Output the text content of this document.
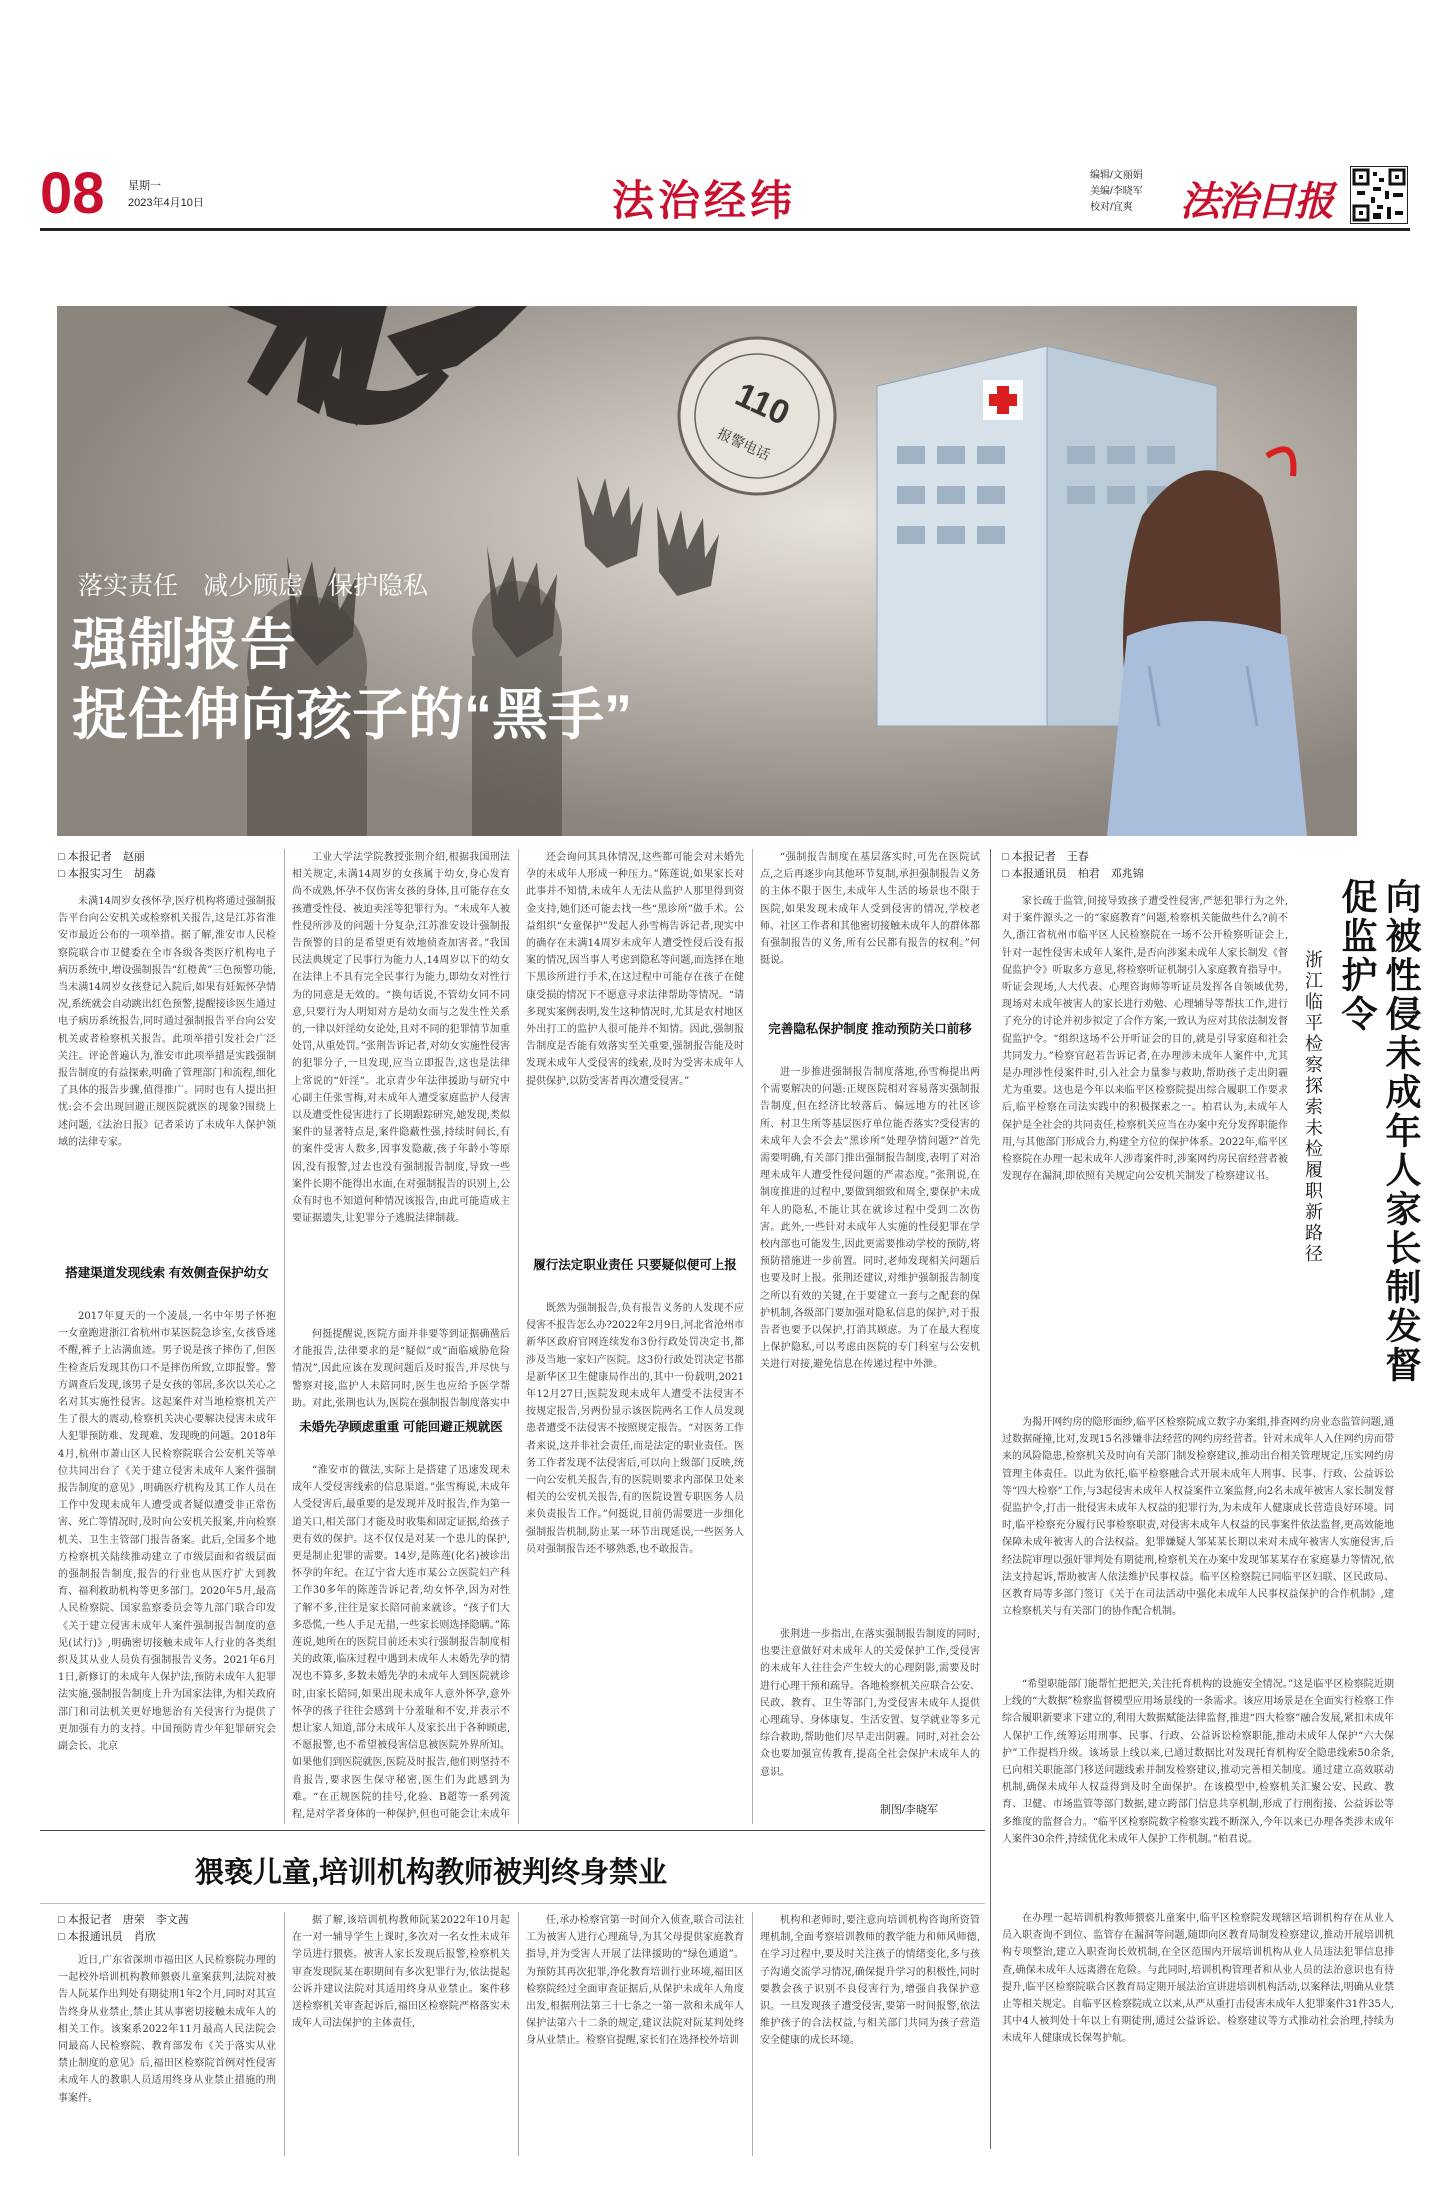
08	星期一
2023年4月10日	法治经纬
编辑/文丽娟
美编/李晓军
校对/宜爽 法治日报
110
报警电话
落实责任　减少顾虑　保护隐私
强制报告
捉住伸向孩子的“黑手”
□ 本报记者　赵丽
□ 本报实习生　胡淼

未满14周岁女孩怀孕,医疗机构将通过强制报告平台向公安机关或检察机关报告,这是江苏省淮安市最近公布的一项举措。据了解,淮安市人民检察院联合市卫健委在全市各级各类医疗机构电子病历系统中,增设强制报告“红橙黄”三色预警功能,当未满14周岁女孩登记入院后,如果有妊娠怀孕情况,系统就会自动跳出红色预警,提醒接诊医生通过电子病历系统报告,同时通过强制报告平台向公安机关或者检察机关报告。此项举措引发社会广泛关注。评论普遍认为,淮安市此项举措是实践强制报告制度的有益探索,明确了管理部门和流程,细化了具体的报告步骤,值得推广。同时也有人提出担忧:会不会出现回避正规医院就医的现象?围绕上述问题,《法治日报》记者采访了未成年人保护领域的法律专家。

搭建渠道发现线索 有效侧查保护幼女

2017年夏天的一个凌晨,一名中年男子怀抱一女童跑进浙江省杭州市某医院急诊室,女孩昏迷不醒,裤子上沾满血迹。男子说是孩子摔伤了,但医生检查后发现其伤口不是摔伤所致,立即报警。警方调查后发现,该男子是女孩的邻居,多次以关心之名对其实施性侵害。这起案件对当地检察机关产生了很大的震动,检察机关决心要解决侵害未成年人犯罪预防难、发现难、发现晚的问题。2018年4月,杭州市萧山区人民检察院联合公安机关等单位共同出台了《关于建立侵害未成年人案件强制报告制度的意见》,明确医疗机构及其工作人员在工作中发现未成年人遭受或者疑似遭受非正常伤害、死亡等情况时,及时向公安机关报案,并向检察机关、卫生主管部门报告备案。此后,全国多个地方检察机关陆续推动建立了市级层面和省级层面的强制报告制度,报告的行业也从医疗扩大到教育、福利救助机构等更多部门。2020年5月,最高人民检察院、国家监察委员会等九部门联合印发《关于建立侵害未成年人案件强制报告制度的意见(试行)》,明确密切接触未成年人行业的各类组织及其从业人员负有强制报告义务。2021年6月1日,新修订的未成年人保护法,预防未成年人犯罪法实施,强制报告制度上升为国家法律,为相关政府部门和司法机关更好地惩治有关侵害行为提供了更加强有力的支持。中国预防青少年犯罪研究会副会长、北京

工业大学法学院教授张荆介绍,根据我国刑法相关规定,未满14周岁的女孩属于幼女,身心发育尚不成熟,怀孕不仅伤害女孩的身体,且可能存在女孩遭受性侵、被迫卖淫等犯罪行为。“未成年人被性侵所涉及的问题十分复杂,江苏淮安设计强制报告预警的目的是希望更有效地侦查加害者。”我国民法典规定了民事行为能力人,14周岁以下的幼女在法律上不具有完全民事行为能力,即幼女对性行为的同意是无效的。“换句话说,不管幼女同不同意,只要行为人明知对方是幼女而与之发生性关系的,一律以奸淫幼女论处,且对不同的犯罪情节加重处罚,从重处罚。”张荆告诉记者,对幼女实施性侵害的犯罪分子,一旦发现,应当立即报告,这也是法律上常说的“奸淫”。北京青少年法律援助与研究中心副主任张雪梅,对未成年人遭受家庭监护人侵害以及遭受性侵害进行了长期跟踪研究,她发现,类似案件的显著特点是,案件隐蔽性强,持续时间长,有的案件受害人数多,因事发隐蔽,孩子年龄小等原因,没有报警,过去也没有强制报告制度,导致一些案件长期不能得出水面,在对强制报告的识别上,公众有时也不知道何种情况该报告,由此可能造成主要证据遗失,让犯罪分子逃脱法律制裁。

未婚先孕顾虑重重 可能回避正规就医

何挺提醒说,医院方面并非要等到证据确凿后才能报告,法律要求的是“疑似”或“面临威胁危险情况”,因此应该在发现问题后及时报告,并尽快与警察对接,监护人未陪同时,医生也应给予医学帮助。对此,张荆也认为,医院在强制报告制度落实中

“淮安市的做法,实际上是搭建了迅速发现未成年人受侵害线索的信息渠道。”张雪梅说,未成年人受侵害后,最重要的是发现并及时报告,作为第一道关口,相关部门才能及时收集和固定证据,给孩子更有效的保护。这不仅仅是对某一个患儿的保护,更是制止犯罪的需要。14岁,是陈莲(化名)被诊出怀孕的年纪。在辽宁省大连市某公立医院妇产科工作30多年的陈莲告诉记者,幼女怀孕,因为对性了解不多,往往是家长陪同前来就诊。“孩子们大多恐慌,一些人手足无措,一些家长则选择隐瞒。”陈莲说,她所在的医院目前还未实行强制报告制度相关的政策,临床过程中遇到未成年人未婚先孕的情况也不算多,多数未婚先孕的未成年人到医院就诊时,由家长陪同,如果出现未成年人意外怀孕,意外怀孕的孩子往往会感到十分羞耻和不安,并表示不想让家人知道,部分未成年人及家长出于各种顾虑,不愿报警,也不希望被侵害信息被医院外界所知。如果他们到医院就医,医院及时报告,他们则坚持不肯报告,要求医生保守秘密,医生们为此感到为难。“在正规医院的挂号,化验、B超等一系列流程,是对学者身体的一种保护,但也可能会让未成年

还会询问其具体情况,这些都可能会对未婚先孕的未成年人形成一种压力。”陈莲说,如果家长对此事并不知情,未成年人无法从监护人那里得到资金支持,她们还可能去找一些“黑诊所”做手术。公益组织“女童保护”发起人孙雪梅告诉记者,现实中的确存在未满14周岁未成年人遭受性侵后没有报案的情况,因当事人考虑到隐私等问题,而选择在地下黑诊所进行手术,在这过程中可能存在孩子在健康受损的情况下不愿意寻求法律帮助等情况。“请多现实案例表明,发生这种情况时,尤其是农村地区外出打工的监护人很可能并不知情。因此,强制报告制度是否能有效落实至关重要,强制报告能及时发现未成年人受侵害的线索,及时为受害未成年人提供保护,以防受害者再次遭受侵害。”

履行法定职业责任 只要疑似便可上报

既然为强制报告,负有报告义务的人发现不应侵害不报告怎么办?2022年2月9日,河北省沧州市新华区政府官网连续发布3份行政处罚决定书,都涉及当地一家妇产医院。这3份行政处罚决定书都是新华区卫生健康局作出的,其中一份载明,2021年12月27日,医院发现未成年人遭受不法侵害不按规定报告,另两份显示该医院两名工作人员发现患者遭受不法侵害不按照规定报告。“对医务工作者来说,这并非社会责任,而是法定的职业责任。医务工作者发现不法侵害后,可以向上级部门反映,统一向公安机关报告,有的医院则要求内部保卫处来相关的公安机关报告,有的医院设置专职医务人员来负责报告工作。”何挺说,目前仍需要进一步细化强制报告机制,防止某一环节出现延误,一些医务人员对强制报告还不够熟悉,也不敢报告。

“强制报告制度在基层落实时,可先在医院试点,之后再逐步向其他环节复制,承担强制报告义务的主体不限于医生,未成年人生活的场景也不限于医院,如果发现未成年人受到侵害的情况,学校老师、社区工作者和其他密切接触未成年人的群体都有强制报告的义务,所有公民都有报告的权利。”何挺说。

完善隐私保护制度 推动预防关口前移

进一步推进强制报告制度落地,孙雪梅提出两个需要解决的问题:正规医院相对容易落实强制报告制度,但在经济比较落后、偏远地方的社区诊所、村卫生所等基层医疗单位能否落实?受侵害的未成年人会不会去“黑诊所”处理孕情问题?“首先需要明确,有关部门推出强制报告制度,表明了对治理未成年人遭受性侵问题的严肃态度。”张荆说,在制度推进的过程中,要做到细致和周全,要保护未成年人的隐私,不能让其在就诊过程中受到二次伤害。此外,一些针对未成年人实施的性侵犯罪在学校内部也可能发生,因此更需要推动学校的预防,将预防措施进一步前置。同时,老师发现相关问题后也要及时上报。张荆还建议,对维护强制报告制度之所以有效的关键,在于要建立一套与之配套的保护机制,各级部门要加强对隐私信息的保护,对于报告者也要予以保护,打消其顾虑。为了在最大程度上保护隐私,可以考虑由医院的专门科室与公安机关进行对接,避免信息在传递过程中外泄。

张荆进一步指出,在落实强制报告制度的同时,也要注意做好对未成年人的关爱保护工作,受侵害的未成年人往往会产生较大的心理阴影,需要及时进行心理干预和疏导。各地检察机关应联合公安、民政、教育、卫生等部门,为受侵害未成年人提供心理疏导、身体康复、生活安置、复学就业等多元综合救助,帮助他们尽早走出阴霾。同时,对社会公众也要加强宣传教育,提高全社会保护未成年人的意识。

制图/李晓军
□ 本报记者　王春
□ 本报通讯员　柏君　邓兆锦
向被性侵未成年人家长制发督促监护令
浙江临平检察探索未检履职新路径

家长疏于监管,间接导致孩子遭受性侵害,严惩犯罪行为之外,对于案件源头之一的“家庭教育”问题,检察机关能做些什么?前不久,浙江省杭州市临平区人民检察院在一场不公开检察听证会上,针对一起性侵害未成年人案件,是否向涉案未成年人家长制发《督促监护令》听取多方意见,将检察听证机制引入家庭教育指导中。听证会现场,人大代表、心理咨询师等听证员发挥各自领域优势,现场对未成年被害人的家长进行劝勉、心理辅导等帮扶工作,进行了充分的讨论并初步拟定了合作方案,一致认为应对其依法制发督促监护令。“组织这场不公开听证会的目的,就是引导家庭和社会共同发力。”检察官赵若告诉记者,在办理涉未成年人案件中,尤其是办理涉性侵案件时,引入社会力量参与救助,帮助孩子走出阴霾尤为重要。这也是今年以来临平区检察院提出综合履职工作要求后,临平检察在司法实践中的积极探索之一。柏君认为,未成年人保护是全社会的共同责任,检察机关应当在办案中充分发挥职能作用,与其他部门形成合力,构建全方位的保护体系。2022年,临平区检察院在办理一起未成年人涉毒案件时,涉案网约房民宿经营者被发现存在漏洞,即依照有关规定向公安机关制发了检察建议书。

为揭开网约房的隐形面纱,临平区检察院成立数字办案组,排查网约房业态监管问题,通过数据碰撞,比对,发现15名涉嫌非法经营的网约房经营者。针对未成年人入住网约房而带来的风险隐患,检察机关及时向有关部门制发检察建议,推动出台相关管理规定,压实网约房管理主体责任。以此为依托,临平检察融合式开展未成年人刑事、民事、行政、公益诉讼等“四大检察”工作,与3起侵害未成年人权益案件立案监督,向2名未成年被害人家长制发督促监护令,打击一批侵害未成年人权益的犯罪行为,为未成年人健康成长营造良好环境。同时,临平检察充分履行民事检察职责,对侵害未成年人权益的民事案件依法监督,更高效能地保障未成年被害人的合法权益。犯罪嫌疑人邹某某长期以来对未成年被害人实施侵害,后经法院审理以强奸罪判处有期徒刑,检察机关在办案中发现邹某某存在家庭暴力等情况,依法支持起诉,帮助被害人依法维护民事权益。临平区检察院已同临平区妇联、区民政局、区教育局等多部门签订《关于在司法活动中强化未成年人民事权益保护的合作机制》,建立检察机关与有关部门的协作配合机制。

“希望职能部门能帮忙把把关,关注托育机构的设施安全情况。”这是临平区检察院近期上线的“大数据”检察监督模型应用场景线的一条需求。该应用场景是在全面实行检察工作综合履职新要求下建立的,利用大数据赋能法律监督,推进“四大检察”融合发展,紧扣未成年人保护工作,统筹运用刑事、民事、行政、公益诉讼检察职能,推动未成年人保护“六大保护”工作提档升级。该场景上线以来,已通过数据比对发现托育机构安全隐患线索50余条,已向相关职能部门移送问题线索并制发检察建议,推动完善相关制度。通过建立高效联动机制,确保未成年人权益得到及时全面保护。在该模型中,检察机关汇聚公安、民政、教育、卫健、市场监管等部门数据,建立跨部门信息共享机制,形成了行刑衔接、公益诉讼等多维度的监督合力。“临平区检察院数字检察实践不断深入,今年以来已办理各类涉未成年人案件30余件,持续优化未成年人保护工作机制。”柏君说。

在办理一起培训机构教师猥亵儿童案中,临平区检察院发现辖区培训机构存在从业人员入职查询不到位、监管存在漏洞等问题,随即向区教育局制发检察建议,推动开展培训机构专项整治,建立入职查询长效机制,在全区范围内开展培训机构从业人员违法犯罪信息排查,确保未成年人远离潜在危险。与此同时,培训机构管理者和从业人员的法治意识也有待提升,临平区检察院联合区教育局定期开展法治宣讲进培训机构活动,以案释法,明确从业禁止等相关规定。自临平区检察院成立以来,从严从重打击侵害未成年人犯罪案件31件35人,其中4人被判处十年以上有期徒刑,通过公益诉讼、检察建议等方式推动社会治理,持续为未成年人健康成长保驾护航。

猥亵儿童,培训机构教师被判终身禁业
□ 本报记者　唐荣　李文茜
□ 本报通讯员　肖欣

近日,广东省深圳市福田区人民检察院办理的一起校外培训机构教师猥亵儿童案获判,法院对被告人阮某作出判处有期徒刑1年2个月,同时对其宣告终身从业禁止,禁止其从事密切接触未成年人的相关工作。该案系2022年11月最高人民法院会同最高人民检察院、教育部发布《关于落实从业禁止制度的意见》后,福田区检察院首例对性侵害未成年人的教职人员适用终身从业禁止措施的刑事案件。

据了解,该培训机构教师阮某2022年10月起在一对一辅导学生上课时,多次对一名女性未成年学员进行猥亵。被害人家长发现后报警,检察机关审查发现阮某在职期间有多次犯罪行为,依法提起公诉并建议法院对其适用终身从业禁止。案件移送检察机关审查起诉后,福田区检察院严格落实未成年人司法保护的主体责任,

任,承办检察官第一时间介入侦查,联合司法社工为被害人进行心理疏导,为其父母提供家庭教育指导,并为受害人开展了法律援助的“绿色通道”。为预防其再次犯罪,净化教育培训行业环境,福田区检察院经过全面审查证据后,从保护未成年人角度出发,根据刑法第三十七条之一第一款和未成年人保护法第六十二条的规定,建议法院对阮某判处终身从业禁止。检察官提醒,家长们在选择校外培训

机构和老师时,要注意向培训机构咨询所资管理机制,全面考察培训教师的教学能力和师风师德,在学习过程中,要及时关注孩子的情绪变化,多与孩子沟通交流学习情况,确保提升学习的积极性,同时要教会孩子识别不良侵害行为,增强自我保护意识。一旦发现孩子遭受侵害,要第一时间报警,依法维护孩子的合法权益,与相关部门共同为孩子营造安全健康的成长环境。
